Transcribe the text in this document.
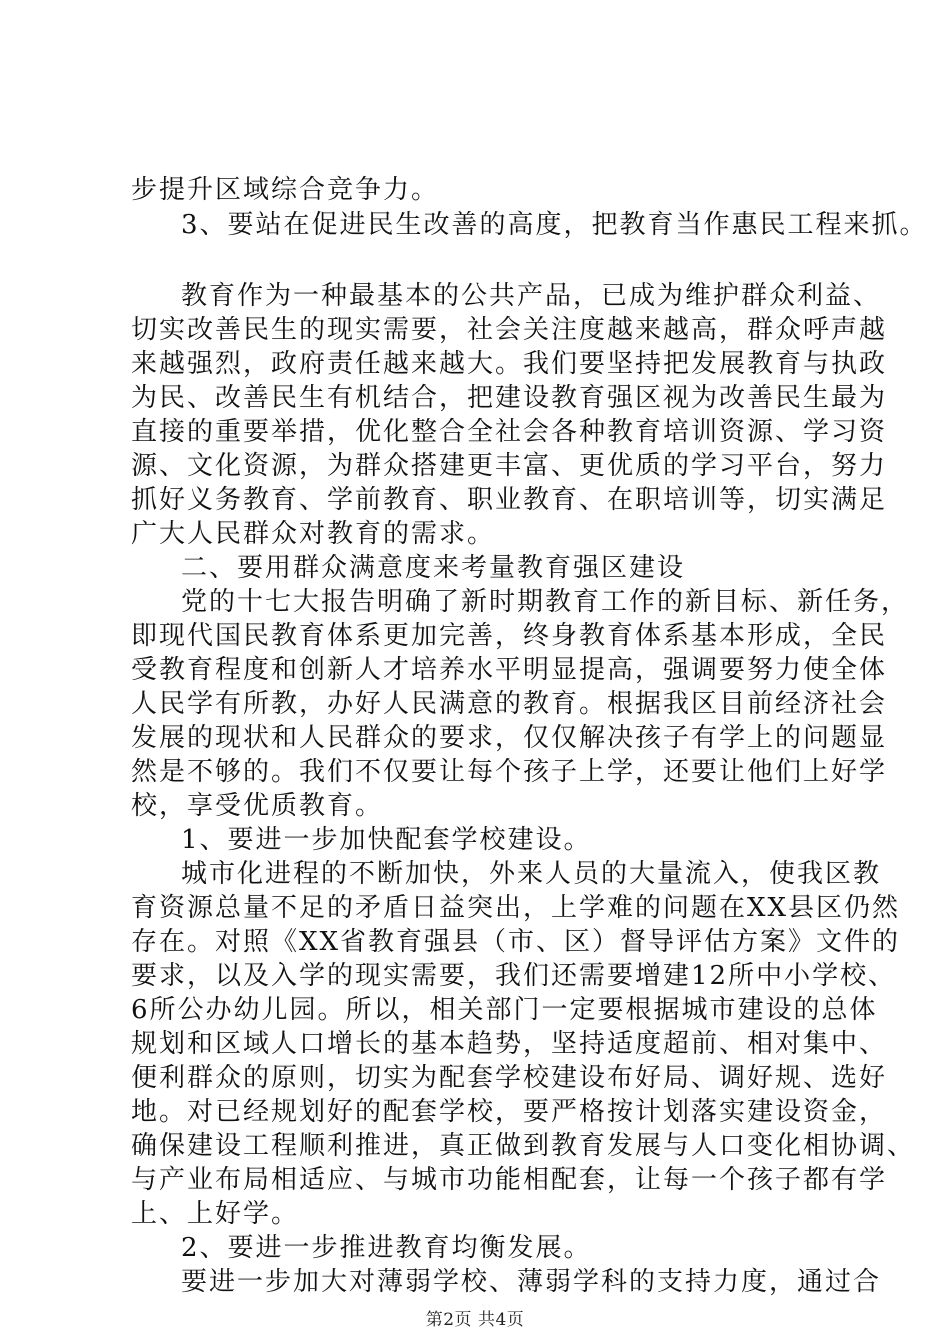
步提升区域综合竞争力。
3、要站在促进民生改善的高度，把教育当作惠民工程来抓。
教育作为一种最基本的公共产品，已成为维护群众利益、
切实改善民生的现实需要，社会关注度越来越高，群众呼声越
来越强烈，政府责任越来越大。我们要坚持把发展教育与执政
为民、改善民生有机结合，把建设教育强区视为改善民生最为
直接的重要举措，优化整合全社会各种教育培训资源、学习资
源、文化资源，为群众搭建更丰富、更优质的学习平台，努力
抓好义务教育、学前教育、职业教育、在职培训等，切实满足
广大人民群众对教育的需求。
二、要用群众满意度来考量教育强区建设
党的十七大报告明确了新时期教育工作的新目标、新任务，
即现代国民教育体系更加完善，终身教育体系基本形成，全民
受教育程度和创新人才培养水平明显提高，强调要努力使全体
人民学有所教，办好人民满意的教育。根据我区目前经济社会
发展的现状和人民群众的要求，仅仅解决孩子有学上的问题显
然是不够的。我们不仅要让每个孩子上学，还要让他们上好学
校，享受优质教育。
1、要进一步加快配套学校建设。
城市化进程的不断加快，外来人员的大量流入，使我区教
育资源总量不足的矛盾日益突出，上学难的问题在XX县区仍然
存在。对照《XX省教育强县（市、区）督导评估方案》文件的
要求，以及入学的现实需要，我们还需要增建12所中小学校、
6所公办幼儿园。所以，相关部门一定要根据城市建设的总体
规划和区域人口增长的基本趋势，坚持适度超前、相对集中、
便利群众的原则，切实为配套学校建设布好局、调好规、选好
地。对已经规划好的配套学校，要严格按计划落实建设资金，
确保建设工程顺利推进，真正做到教育发展与人口变化相协调、
与产业布局相适应、与城市功能相配套，让每一个孩子都有学
上、上好学。
2、要进一步推进教育均衡发展。
要进一步加大对薄弱学校、薄弱学科的支持力度，通过合
第2页 共4页
